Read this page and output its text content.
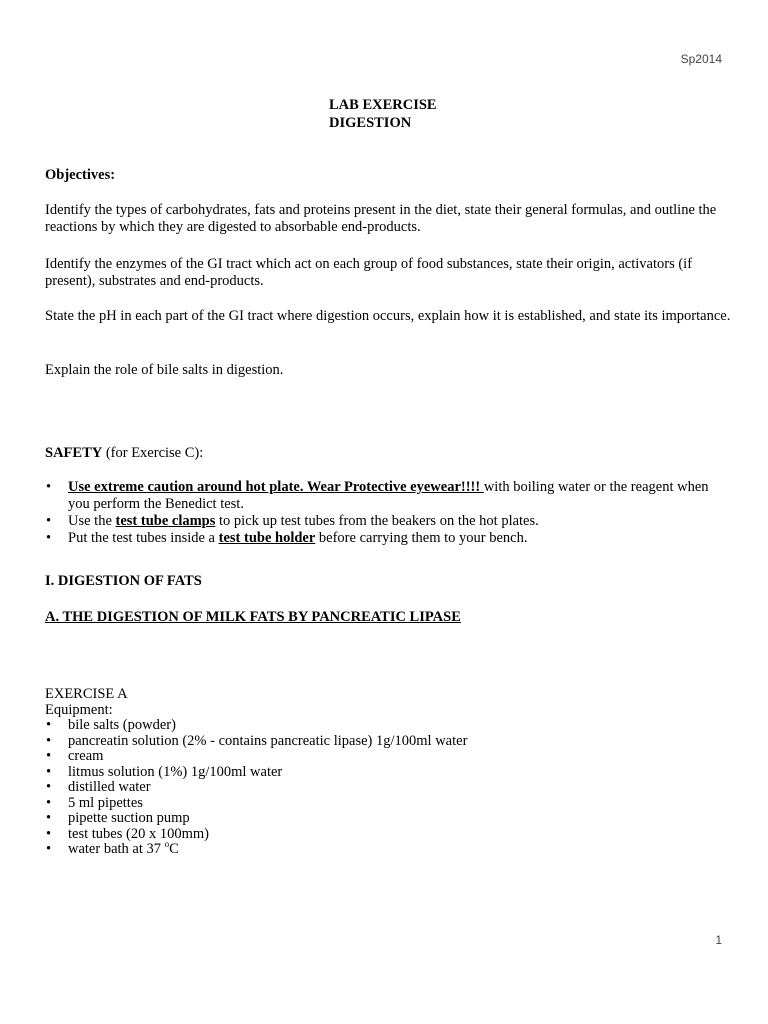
Sp2014
LAB EXERCISE
DIGESTION
Objectives:
Identify the types of carbohydrates, fats and proteins present in the diet, state their general formulas, and outline the reactions by which they are digested to absorbable end-products.
Identify the enzymes of the GI tract which act on each group of food substances, state their origin, activators (if present), substrates and end-products.
State the pH in each part of the GI tract where digestion occurs, explain how it is established, and state its importance.
Explain the role of bile salts in digestion.
SAFETY (for Exercise C):
• Use extreme caution around hot plate. Wear Protective eyewear!!!! with boiling water or the reagent when you perform the Benedict test.
• Use the test tube clamps to pick up test tubes from the beakers on the hot plates.
• Put the test tubes inside a test tube holder before carrying them to your bench.
I. DIGESTION OF FATS
A. THE DIGESTION OF MILK FATS BY PANCREATIC LIPASE
EXERCISE A
Equipment:
• bile salts (powder)
• pancreatin solution (2% - contains pancreatic lipase) 1g/100ml water
• cream
• litmus solution (1%) 1g/100ml water
• distilled water
• 5 ml pipettes
• pipette suction pump
• test tubes (20 x 100mm)
• water bath at 37 $^o$C
1
